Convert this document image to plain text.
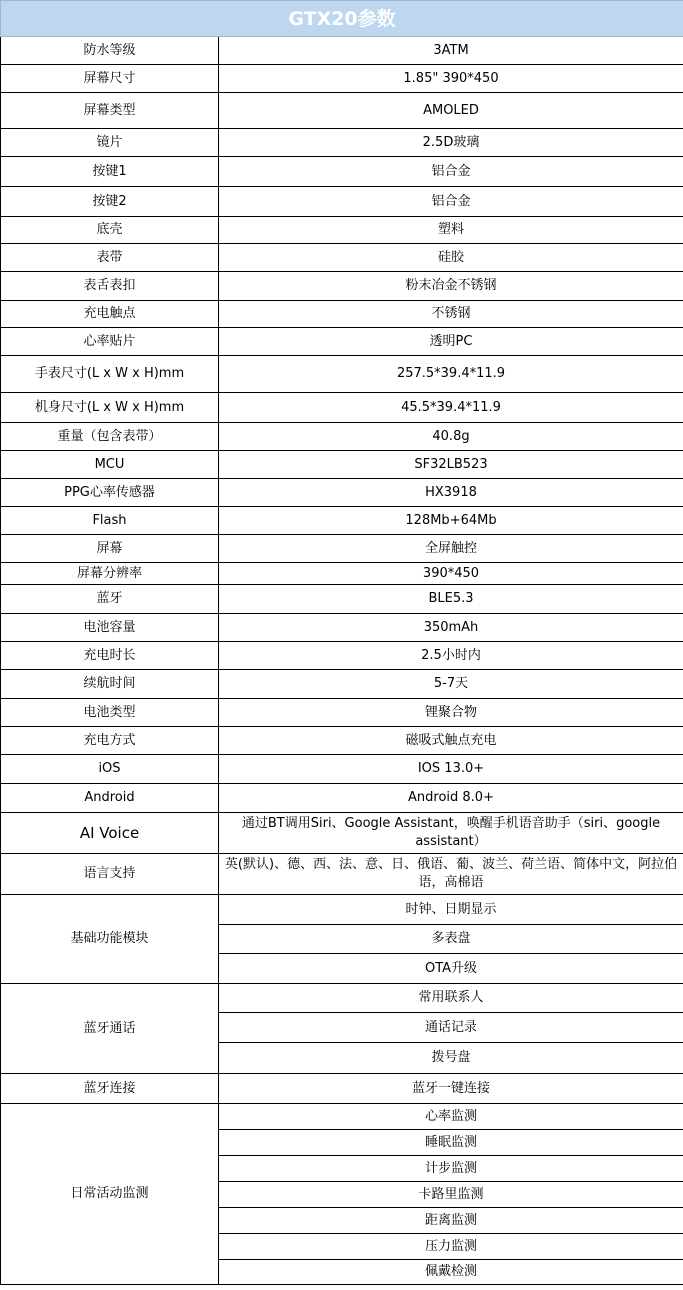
GTX20参数	
防水等级	3ATM
屏幕尺寸	1.85" 390*450
屏幕类型	AMOLED
镜片	2.5D玻璃
按键1	铝合金
按键2	铝合金
底壳	塑料
表带	硅胶
表舌表扣	粉末冶金不锈钢
充电触点	不锈钢
心率贴片	透明PC
手表尺寸(L x W x H)mm	257.5*39.4*11.9
机身尺寸(L x W x H)mm	45.5*39.4*11.9
重量（包含表带）	40.8g
MCU	SF32LB523
PPG心率传感器	HX3918
Flash	128Mb+64Mb
屏幕	全屏触控
屏幕分辨率	390*450
蓝牙	BLE5.3
电池容量	350mAh
充电时长	2.5小时内
续航时间	5-7天
电池类型	锂聚合物
充电方式	磁吸式触点充电
iOS	IOS 13.0+
Android	Android 8.0+
AI Voice	通过BT调用Siri、Google Assistant，唤醒手机语音助手（siri、google assistant）
语言支持	英(默认)、德、西、法、意、日、俄语、葡、波兰、荷兰语、简体中文，阿拉伯语，高棉语
基础功能模块	时钟、日期显示
	多表盘
	OTA升级
蓝牙通话	常用联系人
	通话记录
	拨号盘
蓝牙连接	蓝牙一键连接
日常活动监测	心率监测
	睡眠监测
	计步监测
	卡路里监测
	距离监测
	压力监测
	佩戴检测
